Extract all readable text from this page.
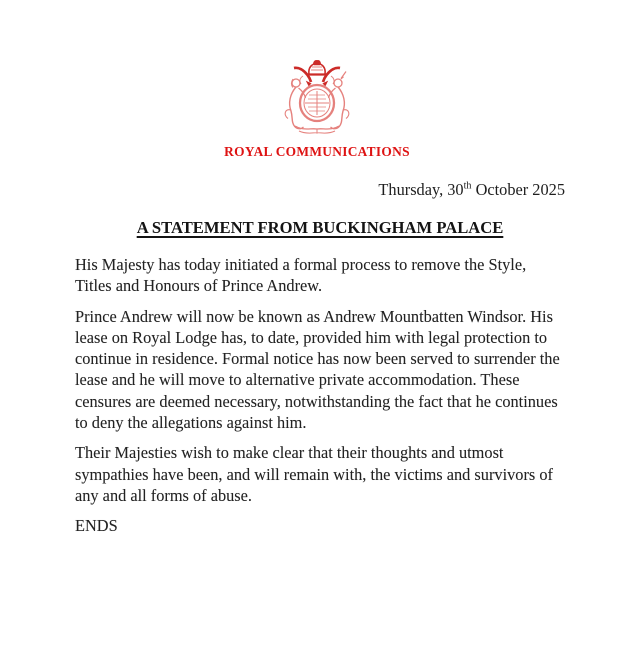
ROYAL COMMUNICATIONS
Thursday, 30th October 2025
A STATEMENT FROM BUCKINGHAM PALACE

His Majesty has today initiated a formal process to remove the Style, Titles and Honours of Prince Andrew.

Prince Andrew will now be known as Andrew Mountbatten Windsor. His lease on Royal Lodge has, to date, provided him with legal protection to continue in residence. Formal notice has now been served to surrender the lease and he will move to alternative private accommodation. These censures are deemed necessary, notwithstanding the fact that he continues to deny the allegations against him.

Their Majesties wish to make clear that their thoughts and utmost sympathies have been, and will remain with, the victims and survivors of any and all forms of abuse.

ENDS
